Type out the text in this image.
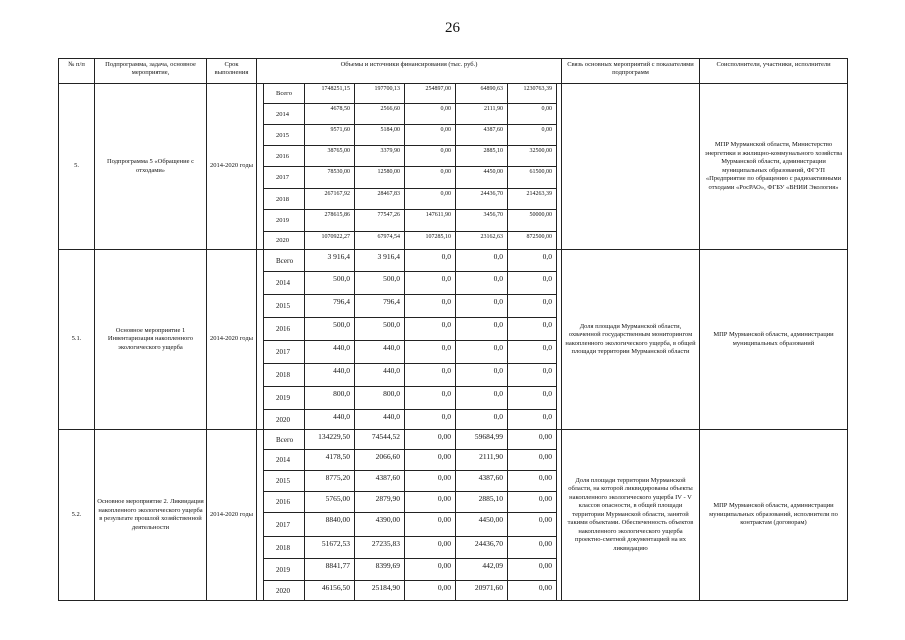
26
№ п/п	Подпрограмма, задача, основное мероприятие,	Срок выполнения	Объемы и источники финансирования (тыс. руб.)								Связь основных мероприятий с показателями подпрограмм	Соисполнители, участники, исполнители
5.	Подпрограмма 5 «Обращение с отходами»	2014-2020 годы		Всего	1748251,15	197700,13	254897,00	64890,63	1230763,39			МПР Мурманской области, Министерство энергетики и жилищно-коммунального хозяйства Мурманской области, администрации муниципальных образований, ФГУП «Предприятие по обращению с радиоактивными отходами «РосРАО», ФГБУ «ВНИИ Экология»
				2014	4678,50	2566,60	0,00	2111,90	0,00			
				2015	9571,60	5184,00	0,00	4387,60	0,00			
				2016	38765,00	3379,90	0,00	2885,10	32500,00			
				2017	78530,00	12580,00	0,00	4450,00	61500,00			
				2018	267167,92	28467,83	0,00	24436,70	214263,39			
				2019	278615,86	77547,26	147611,90	3456,70	50000,00			
				2020	1070922,27	67974,54	107285,10	23162,63	872500,00			
5.1.	Основное мероприятие 1 Инвентаризация накопленного экологического ущерба	2014-2020 годы		Всего	3 916,4	3 916,4	0,0	0,0	0,0		Доля площади Мурманской области, охваченной государственным мониторингом накопленного экологического ущерба, в общей площади территории Мурманской области	МПР Мурманской области, администрации муниципальных образований
				2014	500,0	500,0	0,0	0,0	0,0			
				2015	796,4	796,4	0,0	0,0	0,0			
				2016	500,0	500,0	0,0	0,0	0,0			
				2017	440,0	440,0	0,0	0,0	0,0			
				2018	440,0	440,0	0,0	0,0	0,0			
				2019	800,0	800,0	0,0	0,0	0,0			
				2020	440,0	440,0	0,0	0,0	0,0			
5.2.	Основное мероприятие 2. Ликвидация накопленного экологического ущерба в результате прошлой хозяйственной деятельности	2014-2020 годы		Всего	134229,50	74544,52	0,00	59684,99	0,00		Доля площади территории Мурманской области, на которой ликвидированы объекты накопленного экологического ущерба IV - V классов опасности, в общей площади территории Мурманской области, занятой такими объектами. Обеспеченность объектов накопленного экологического ущерба проектно-сметной документацией на их ликвидацию	МПР Мурманской области, администрации муниципальных образований, исполнители по контрактам (договорам)
				2014	4178,50	2066,60	0,00	2111,90	0,00			
				2015	8775,20	4387,60	0,00	4387,60	0,00			
				2016	5765,00	2879,90	0,00	2885,10	0,00			
				2017	8840,00	4390,00	0,00	4450,00	0,00			
				2018	51672,53	27235,83	0,00	24436,70	0,00			
				2019	8841,77	8399,69	0,00	442,09	0,00			
				2020	46156,50	25184,90	0,00	20971,60	0,00			
